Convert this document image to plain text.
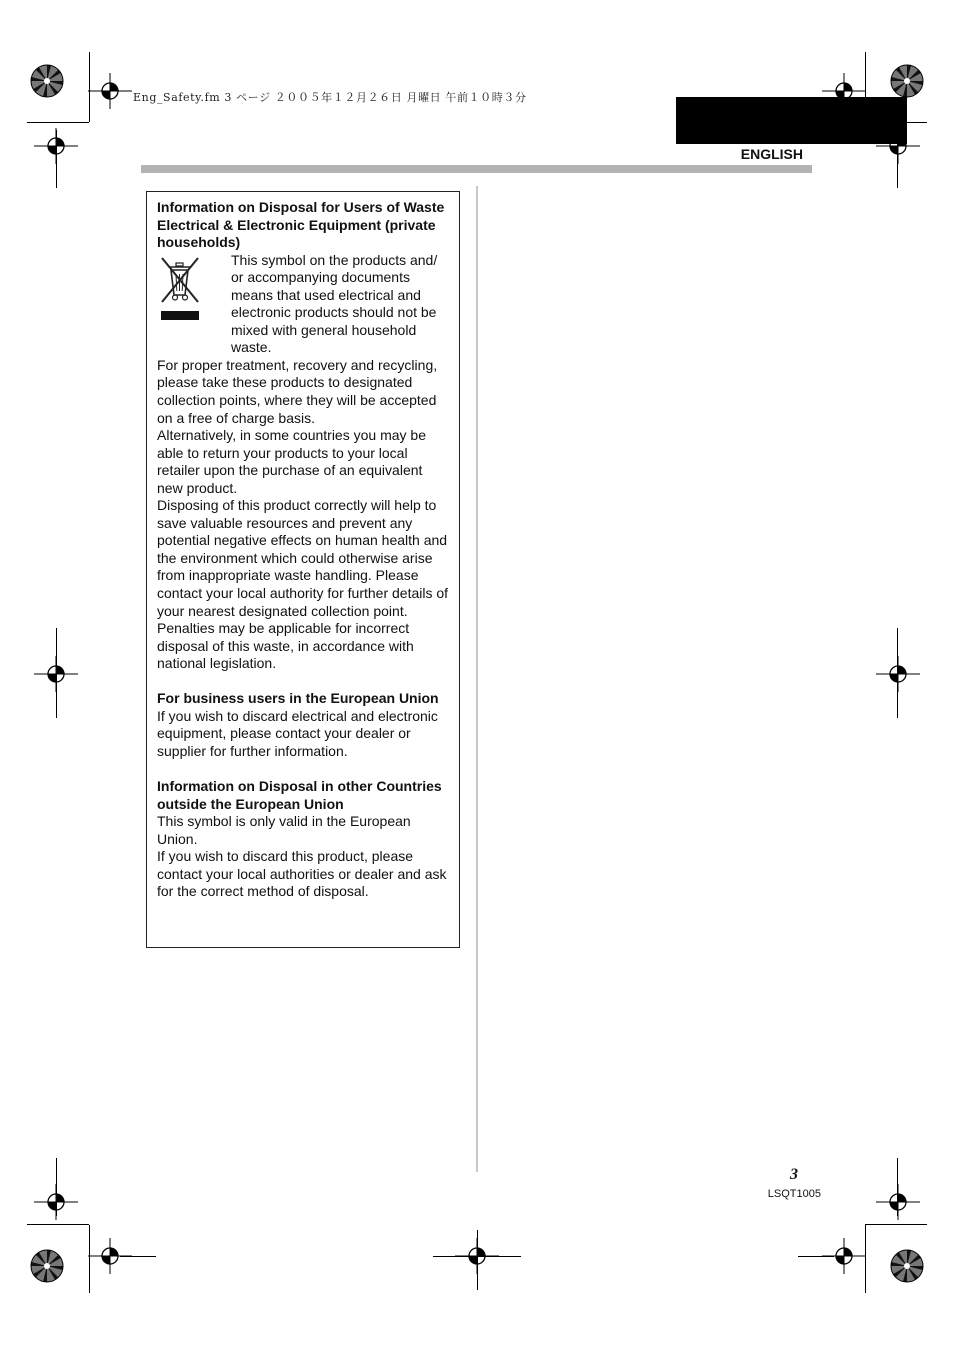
Eng_Safety.fm 3 ページ ２００５年１２月２６日 月曜日 午前１０時３分
ENGLISH

Information on Disposal for Users of Waste Electrical & Electronic Equipment (private households)

This symbol on the products and/ or accompanying documents means that used electrical and electronic products should not be mixed with general household waste.

For proper treatment, recovery and recycling, please take these products to designated collection points, where they will be accepted on a free of charge basis.

Alternatively, in some countries you may be able to return your products to your local retailer upon the purchase of an equivalent new product.

Disposing of this product correctly will help to save valuable resources and prevent any potential negative effects on human health and the environment which could otherwise arise from inappropriate waste handling. Please contact your local authority for further details of your nearest designated collection point.

Penalties may be applicable for incorrect disposal of this waste, in accordance with national legislation.

For business users in the European Union

If you wish to discard electrical and electronic equipment, please contact your dealer or supplier for further information.

Information on Disposal in other Countries outside the European Union

This symbol is only valid in the European Union.

If you wish to discard this product, please contact your local authorities or dealer and ask for the correct method of disposal.

3
LSQT1005
